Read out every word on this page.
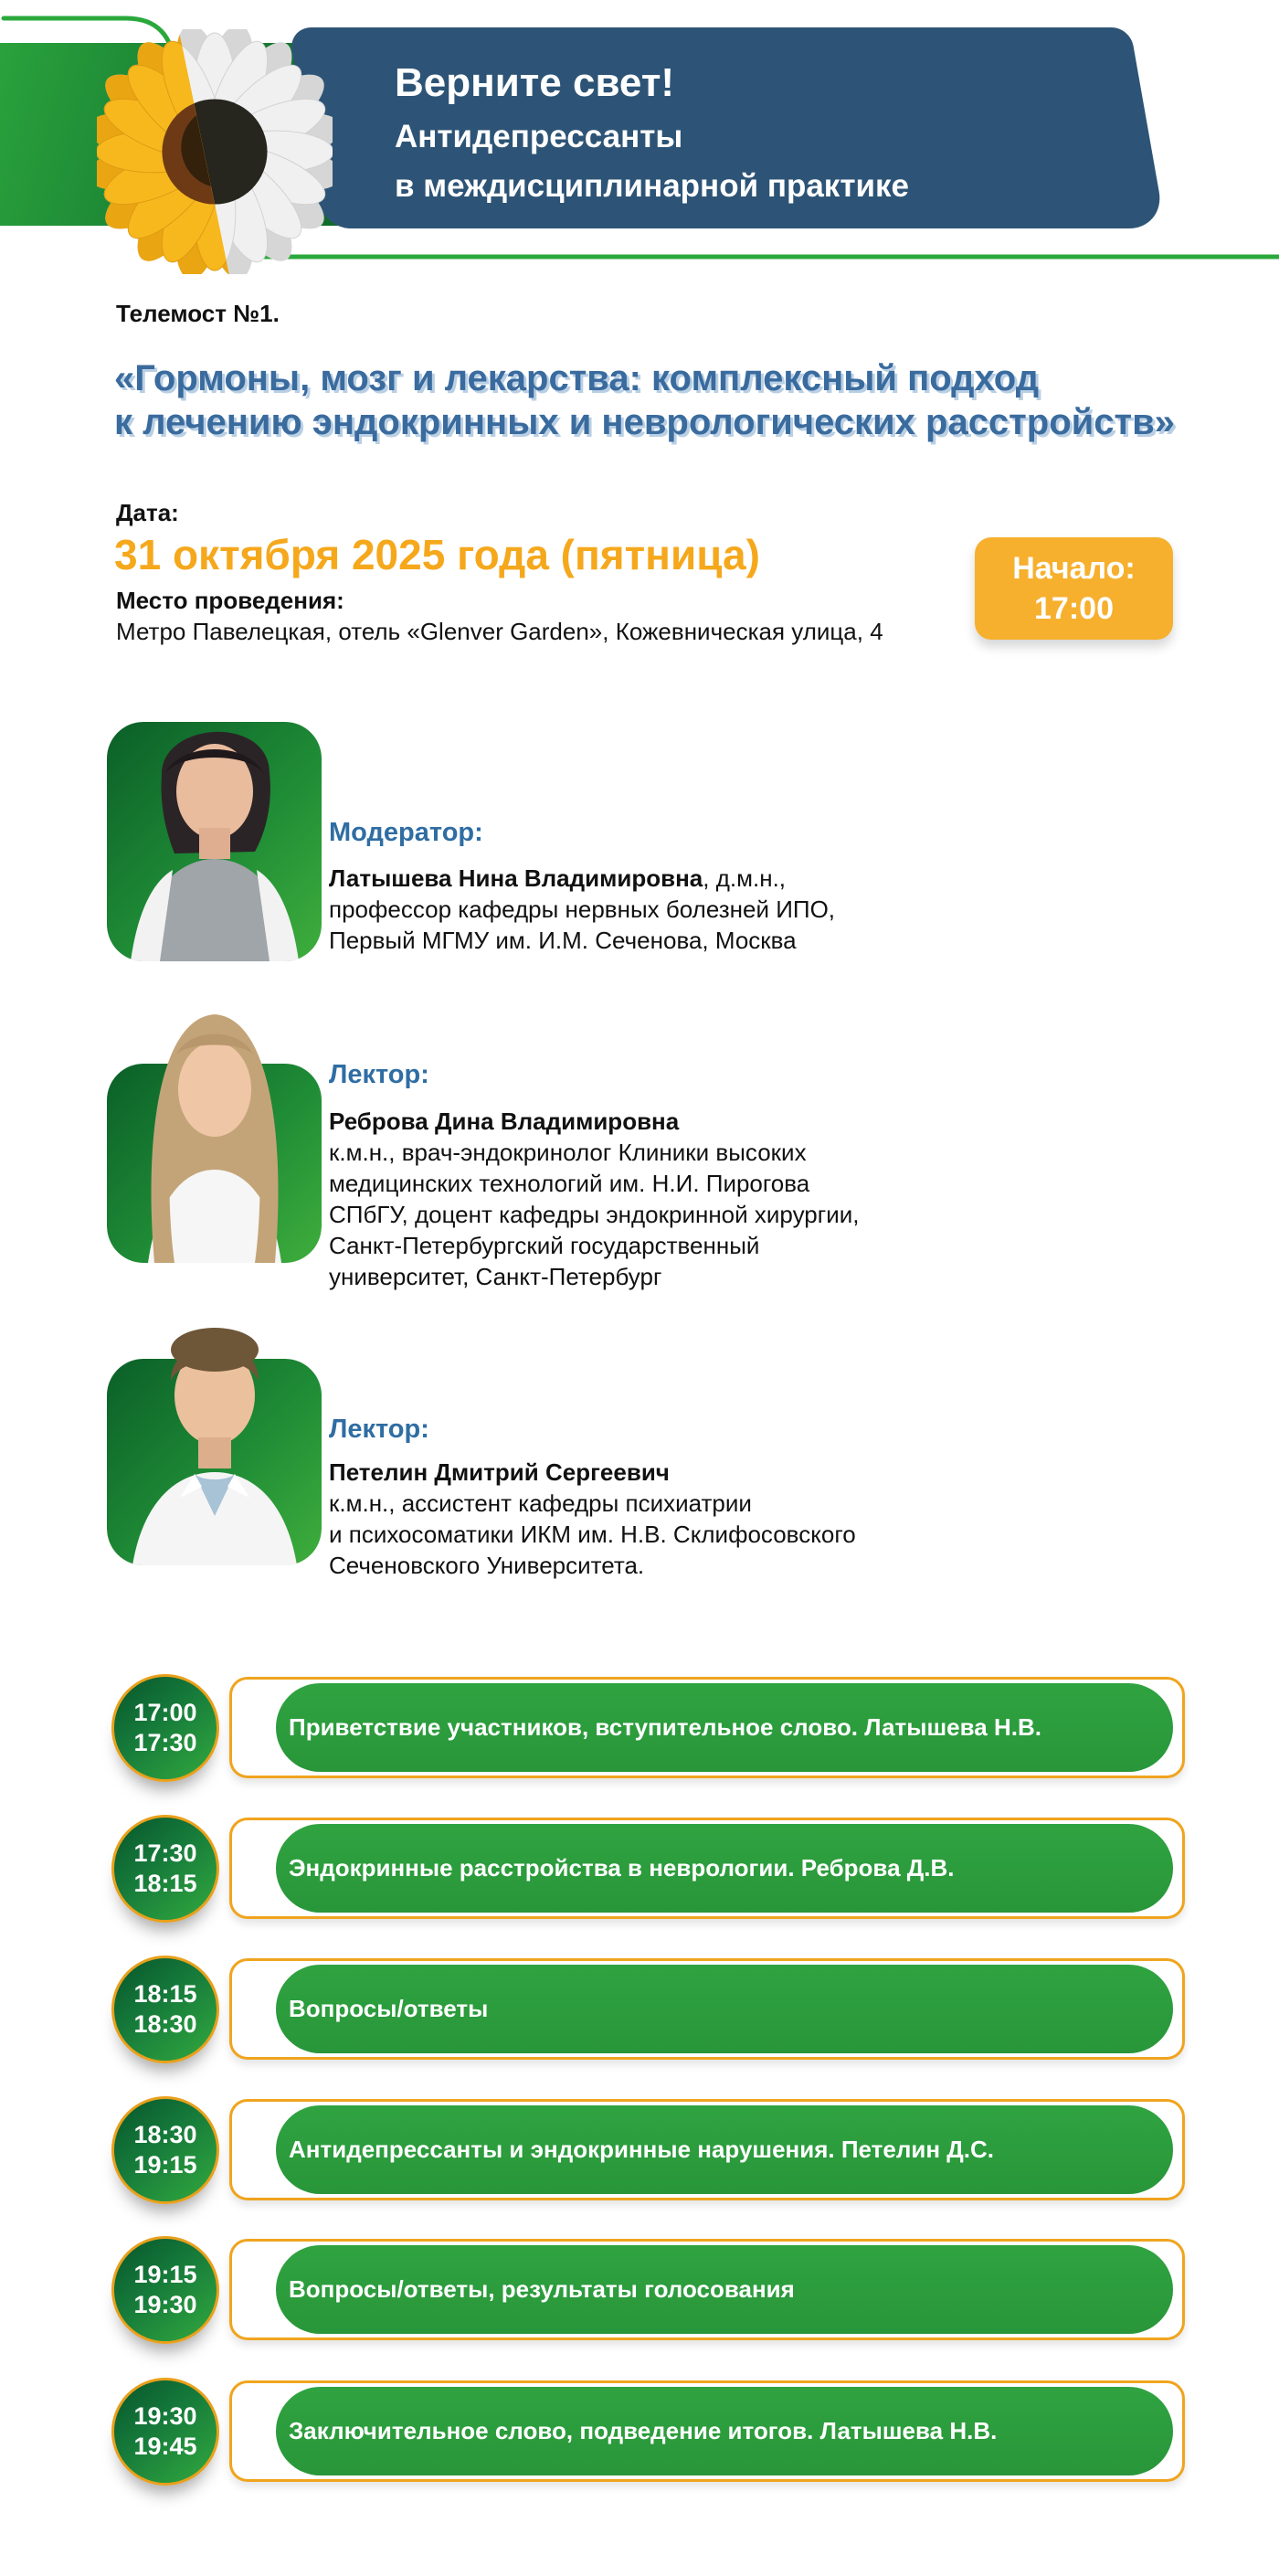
Верните свет!
Антидепрессанты
в междисциплинарной практике
Телемост №1.
«Гормоны, мозг и лекарства: комплексный подход
к лечению эндокринных и неврологических расстройств»
Дата:
31 октября 2025 года (пятница)
Место проведения:
Метро Павелецкая, отель «Glenver Garden», Кожевническая улица, 4
Начало:
17:00
Модератор:
Латышева Нина Владимировна, д.м.н.,
профессор кафедры нервных болезней ИПО,
Первый МГМУ им. И.М. Сеченова, Москва
Лектор:
Реброва Дина Владимировна
к.м.н., врач-эндокринолог Клиники высоких
медицинских технологий им. Н.И. Пирогова
СПбГУ, доцент кафедры эндокринной хирургии,
Санкт-Петербургский государственный
университет, Санкт-Петербург
Лектор:
Петелин Дмитрий Сергеевич
к.м.н., ассистент кафедры психиатрии
и психосоматики ИКМ им. Н.В. Склифосовского
Сеченовского Университета.
17:00
17:30
Приветствие участников, вступительное слово. Латышева Н.В.
17:30
18:15
Эндокринные расстройства в неврологии. Реброва Д.В.
18:15
18:30
Вопросы/ответы
18:30
19:15
Антидепрессанты и эндокринные нарушения. Петелин Д.С.
19:15
19:30
Вопросы/ответы, результаты голосования
19:30
19:45
Заключительное слово, подведение итогов. Латышева Н.В.
